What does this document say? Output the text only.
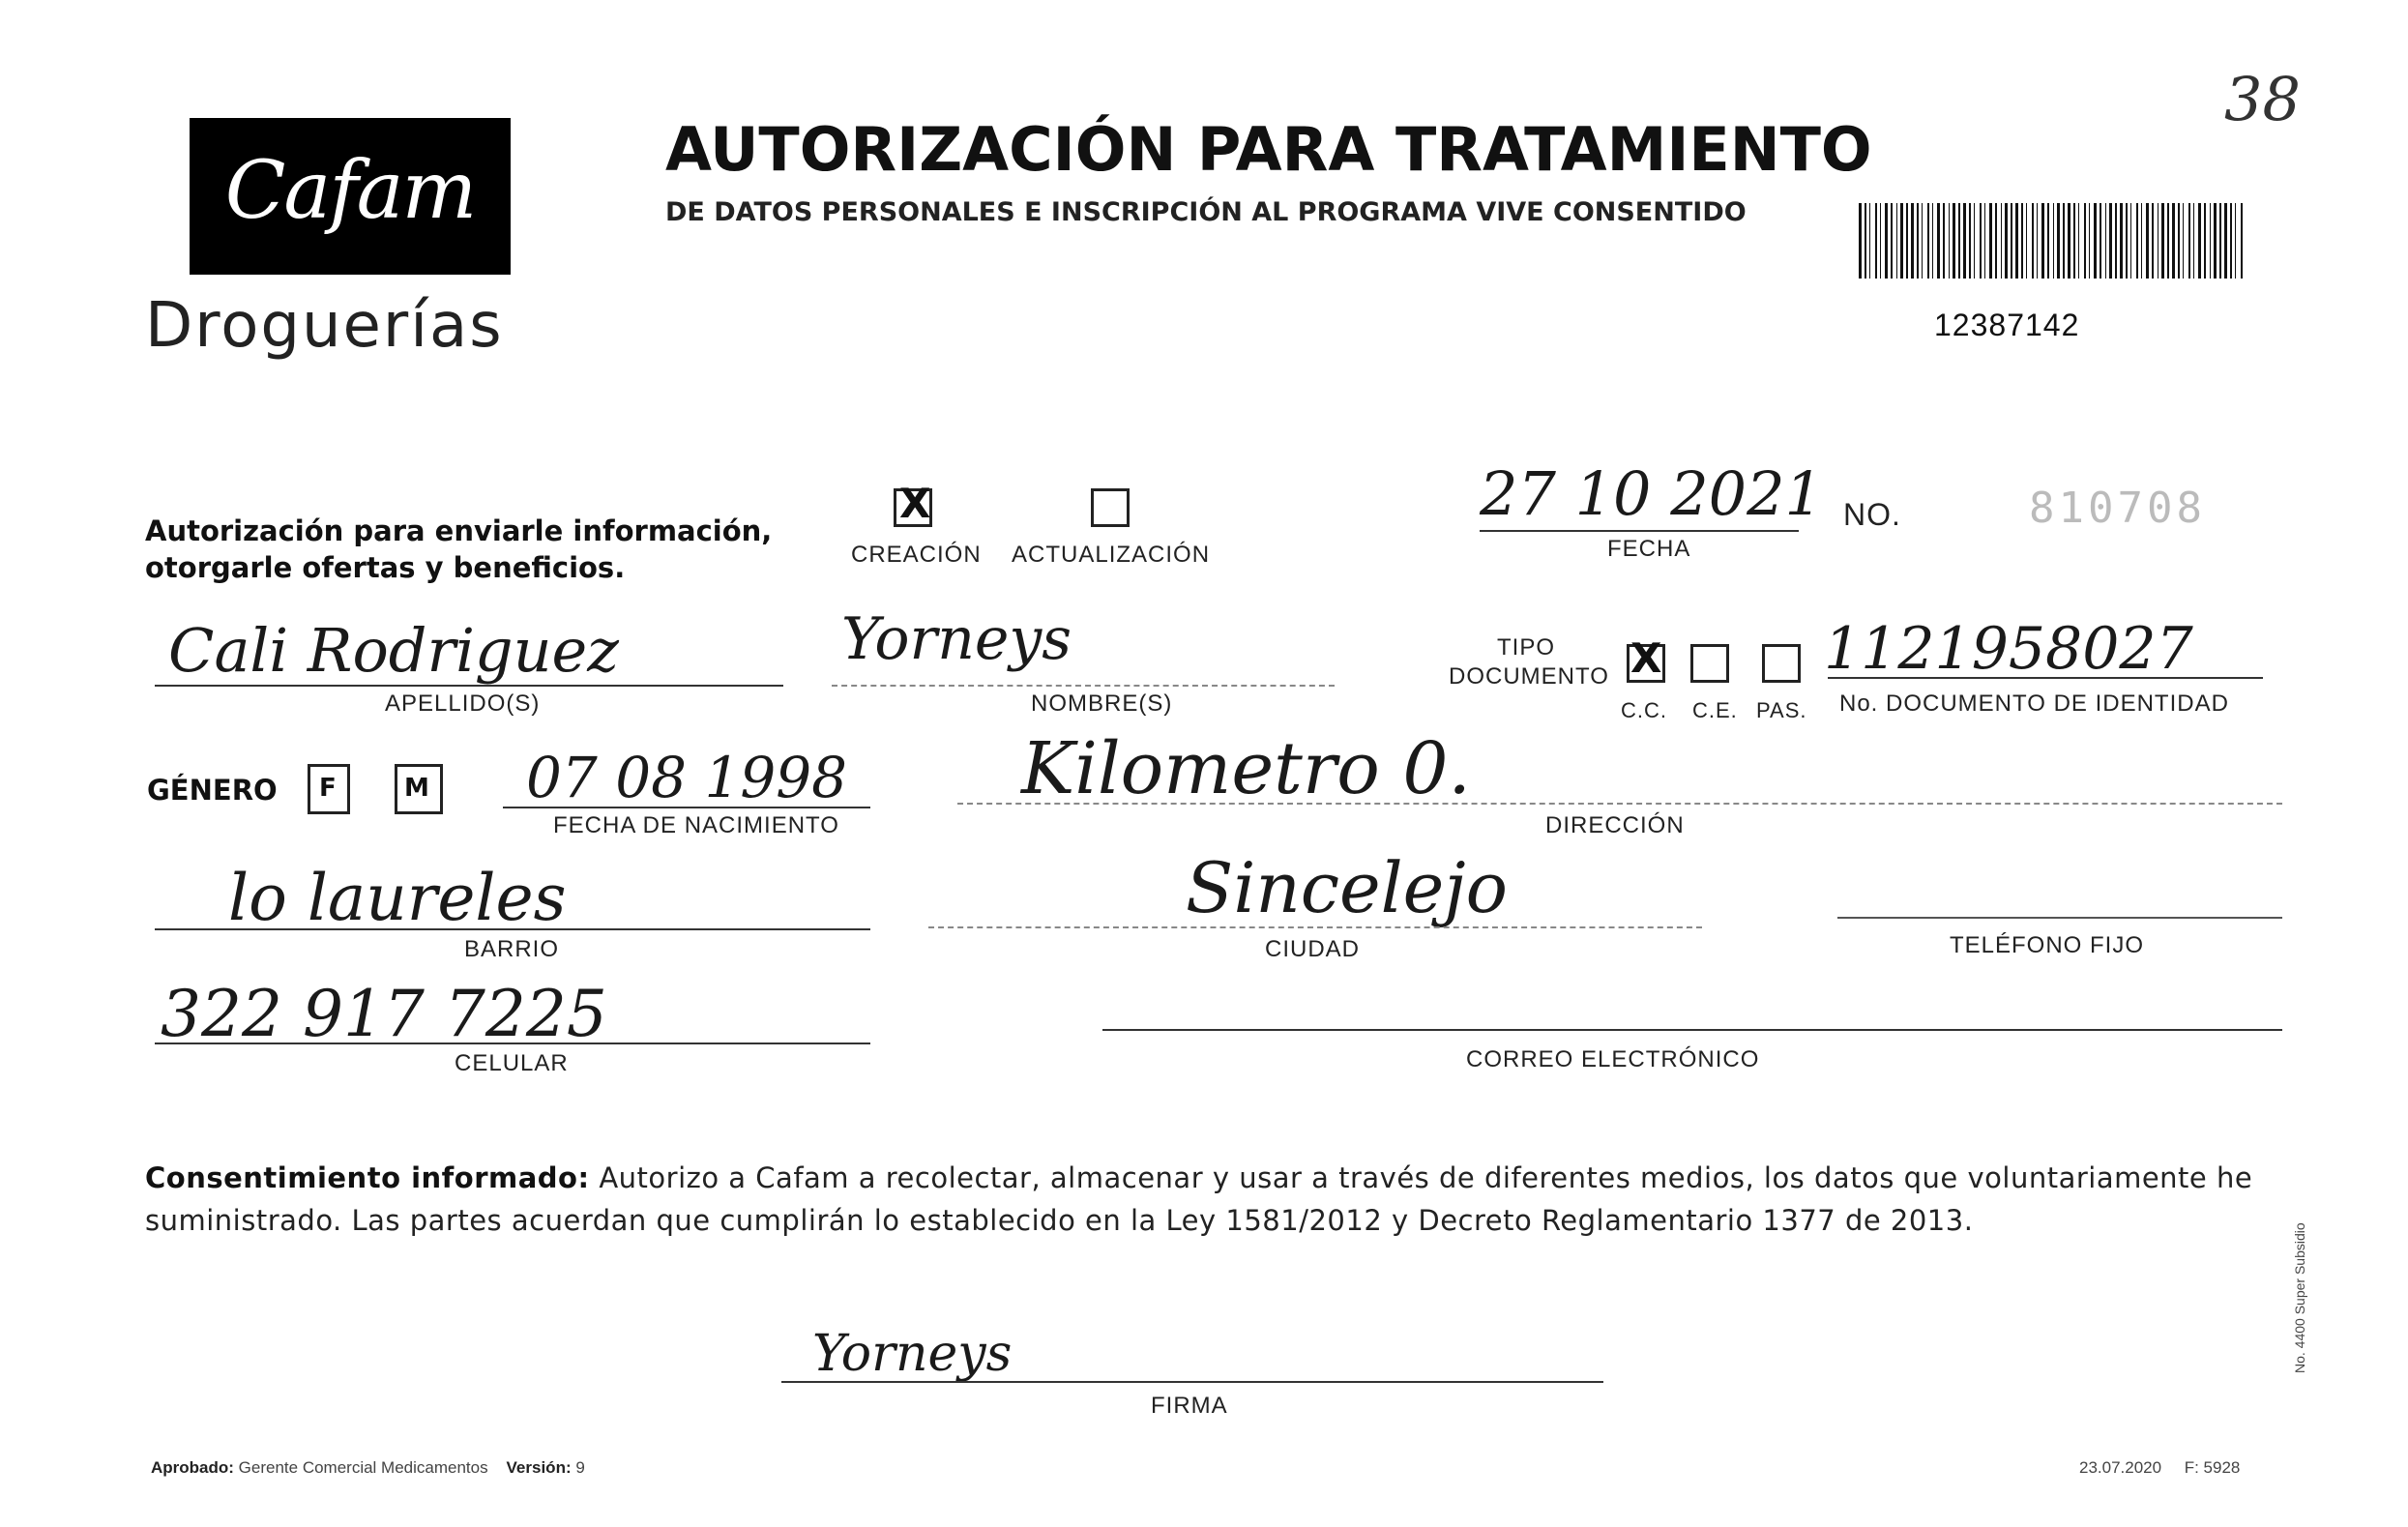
Cafam
Droguerías
AUTORIZACIÓN PARA TRATAMIENTO
DE DATOS PERSONALES E INSCRIPCIÓN AL PROGRAMA VIVE CONSENTIDO
38
12387142
Autorización para enviarle información,
otorgarle ofertas y beneficios.
X
CREACIÓN ACTUALIZACIÓN
27 10 2021
FECHA
NO.	810708
Cali Rodriguez
APELLIDO(S)
Yorneys
NOMBRE(S)
TIPO
DOCUMENTO X
C.C. C.E. PAS.
1121958027
No. DOCUMENTO DE IDENTIDAD
GÉNERO F	M 07 08 1998
FECHA DE NACIMIENTO
Kilometro 0.
DIRECCIÓN
lo laureles
BARRIO
Sincelejo
CIUDAD	TELÉFONO FIJO
322 917 7225
CELULAR	CORREO ELECTRÓNICO
Consentimiento informado: Autorizo a Cafam a recolectar, almacenar y usar a través de diferentes medios, los datos que voluntariamente he suministrado. Las partes acuerdan que cumplirán lo establecido en la Ley 1581/2012 y Decreto Reglamentario 1377 de 2013.
Yorneys
FIRMA
Aprobado: Gerente Comercial Medicamentos Versión: 9	23.07.2020 F: 5928
No. 4400 Super Subsidio
